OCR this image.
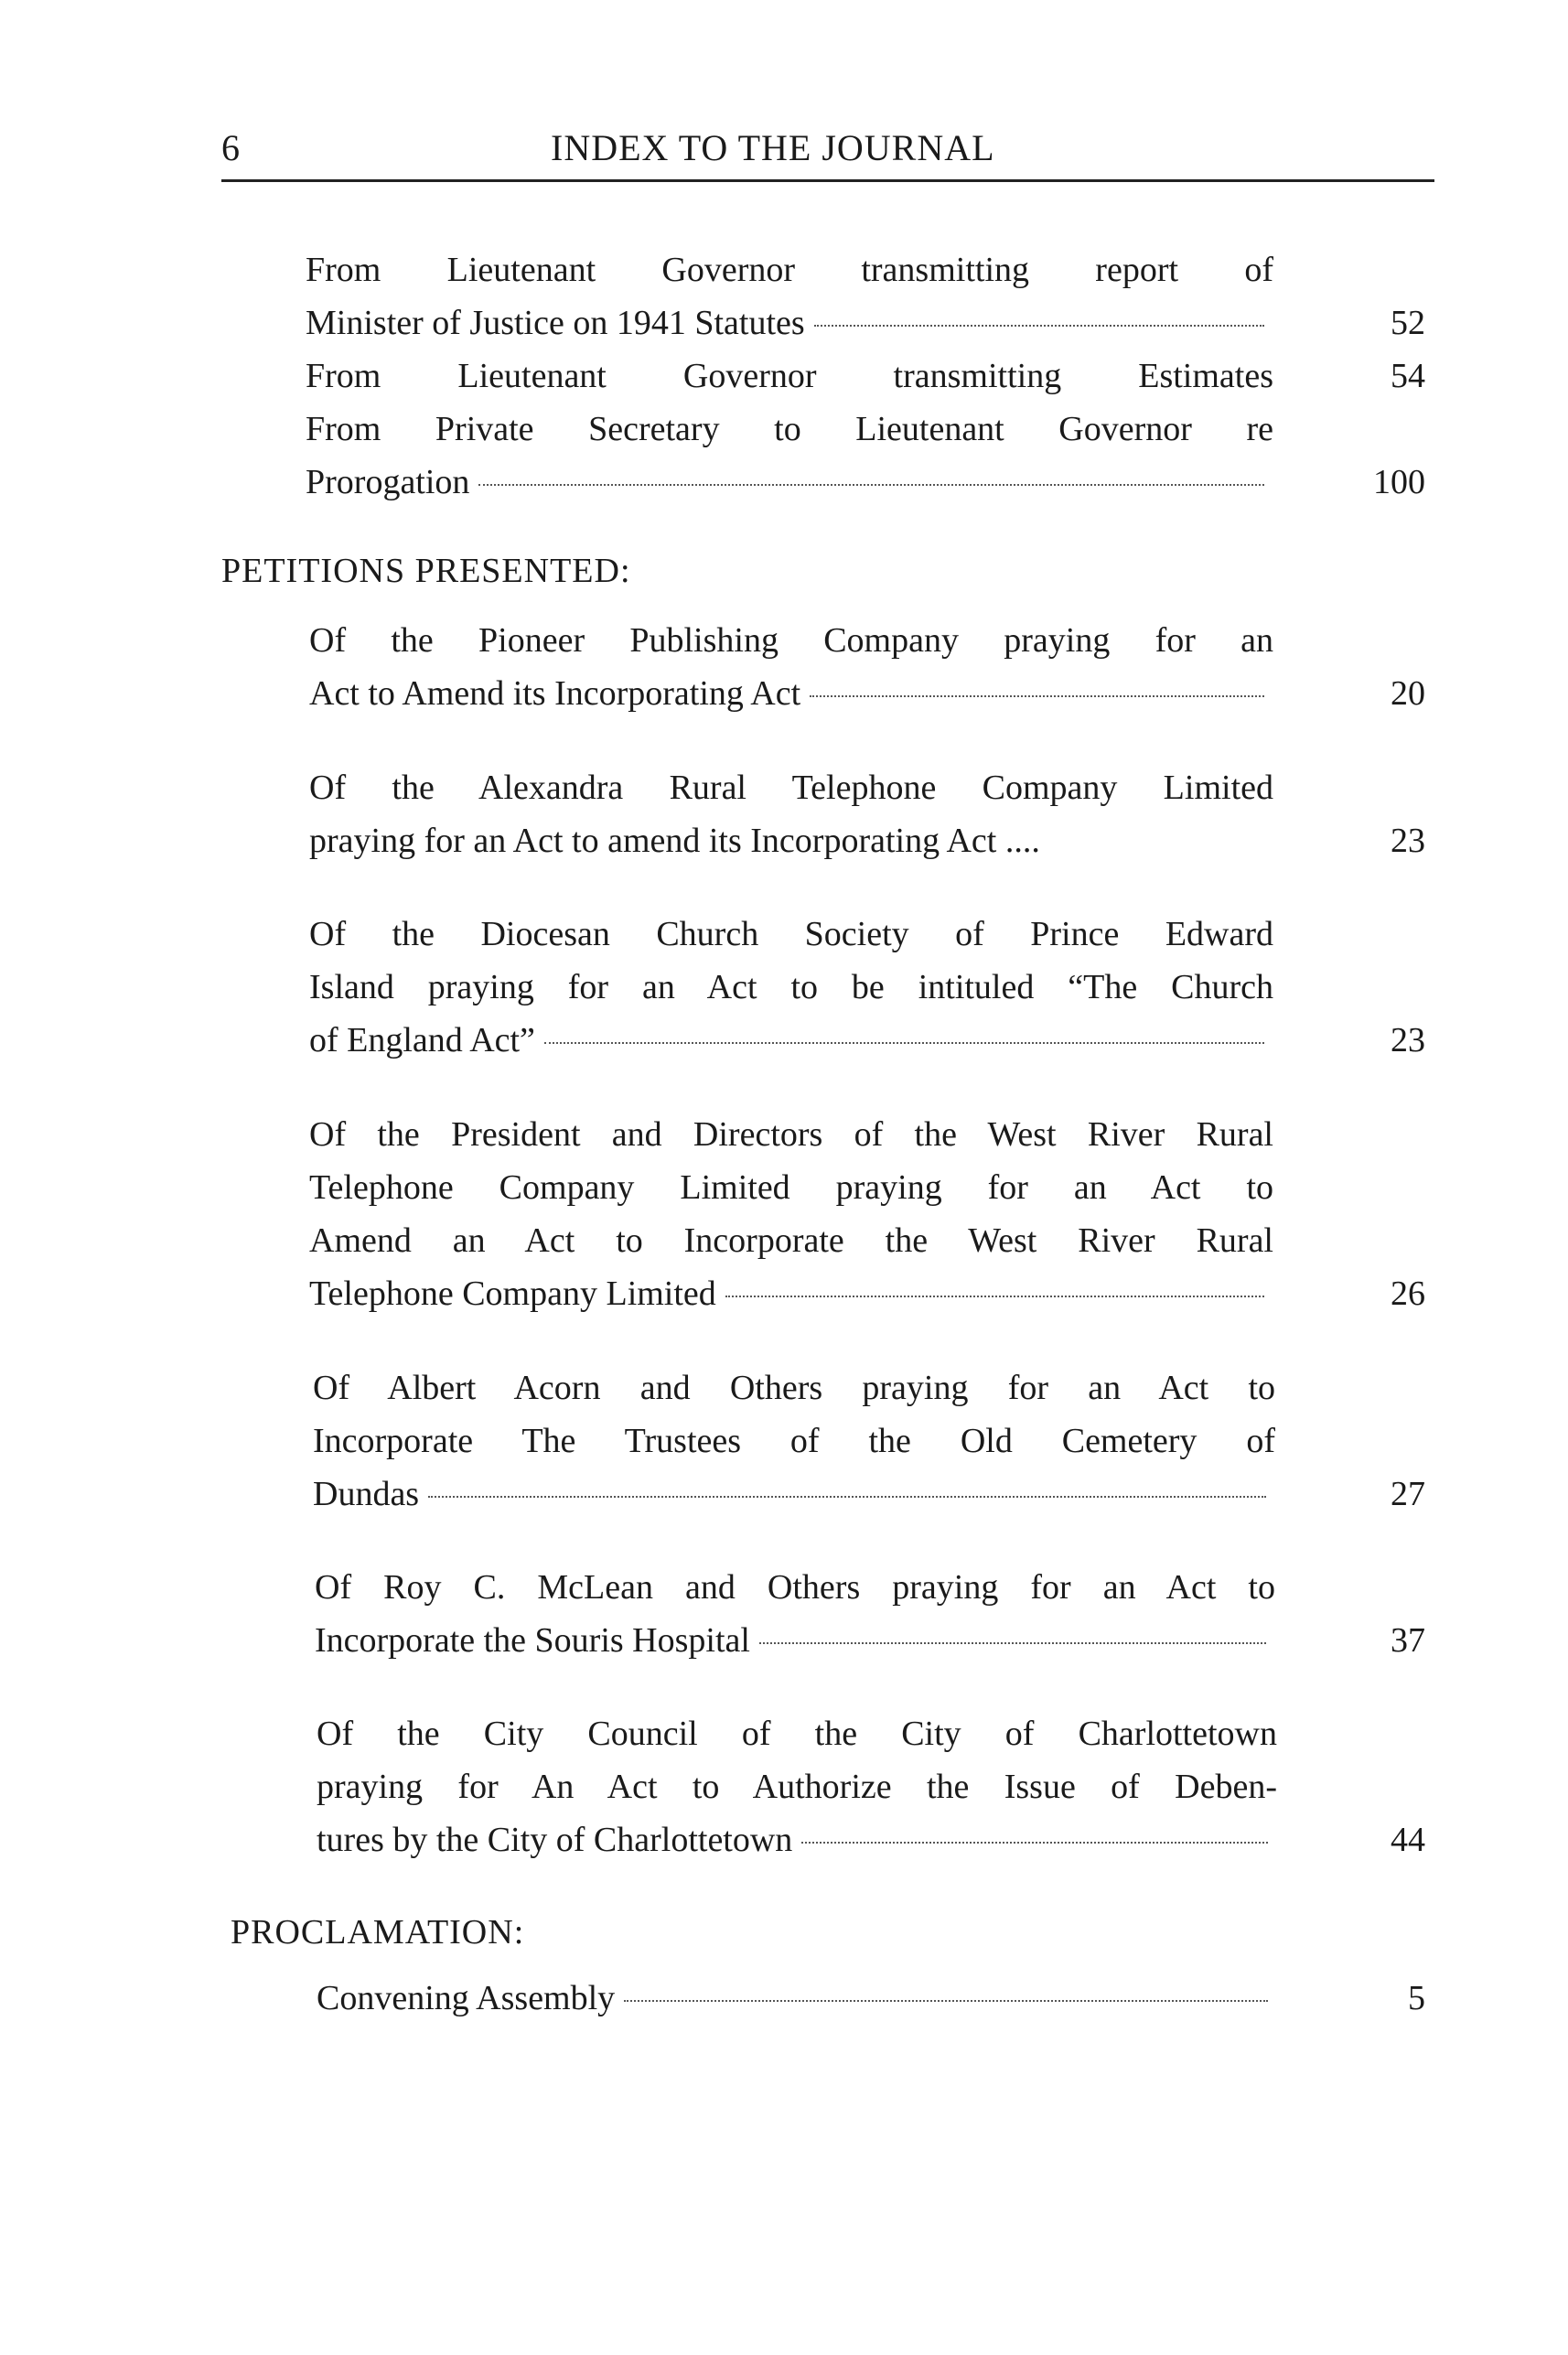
6	INDEX TO THE JOURNAL
From Lieutenant Governor transmitting report of
Minister of Justice on 1941 Statutes	52
From Lieutenant Governor transmitting Estimates	54
From Private Secretary to Lieutenant Governor re
Prorogation	100
PETITIONS PRESENTED:
Of the Pioneer Publishing Company praying for an
Act to Amend its Incorporating Act	20
Of the Alexandra Rural Telephone Company Limited
praying for an Act to amend its Incorporating Act ....	23
Of the Diocesan Church Society of Prince Edward
Island praying for an Act to be intituled “The Church
of England Act”	23
Of the President and Directors of the West River Rural
Telephone Company Limited praying for an Act to
Amend an Act to Incorporate the West River Rural
Telephone Company Limited	26
Of Albert Acorn and Others praying for an Act to
Incorporate The Trustees of the Old Cemetery of
Dundas	27
Of Roy C. McLean and Others praying for an Act to
Incorporate the Souris Hospital	37
Of the City Council of the City of Charlottetown
praying for An Act to Authorize the Issue of Deben-
tures by the City of Charlottetown	44
PROCLAMATION:
Convening Assembly	5
